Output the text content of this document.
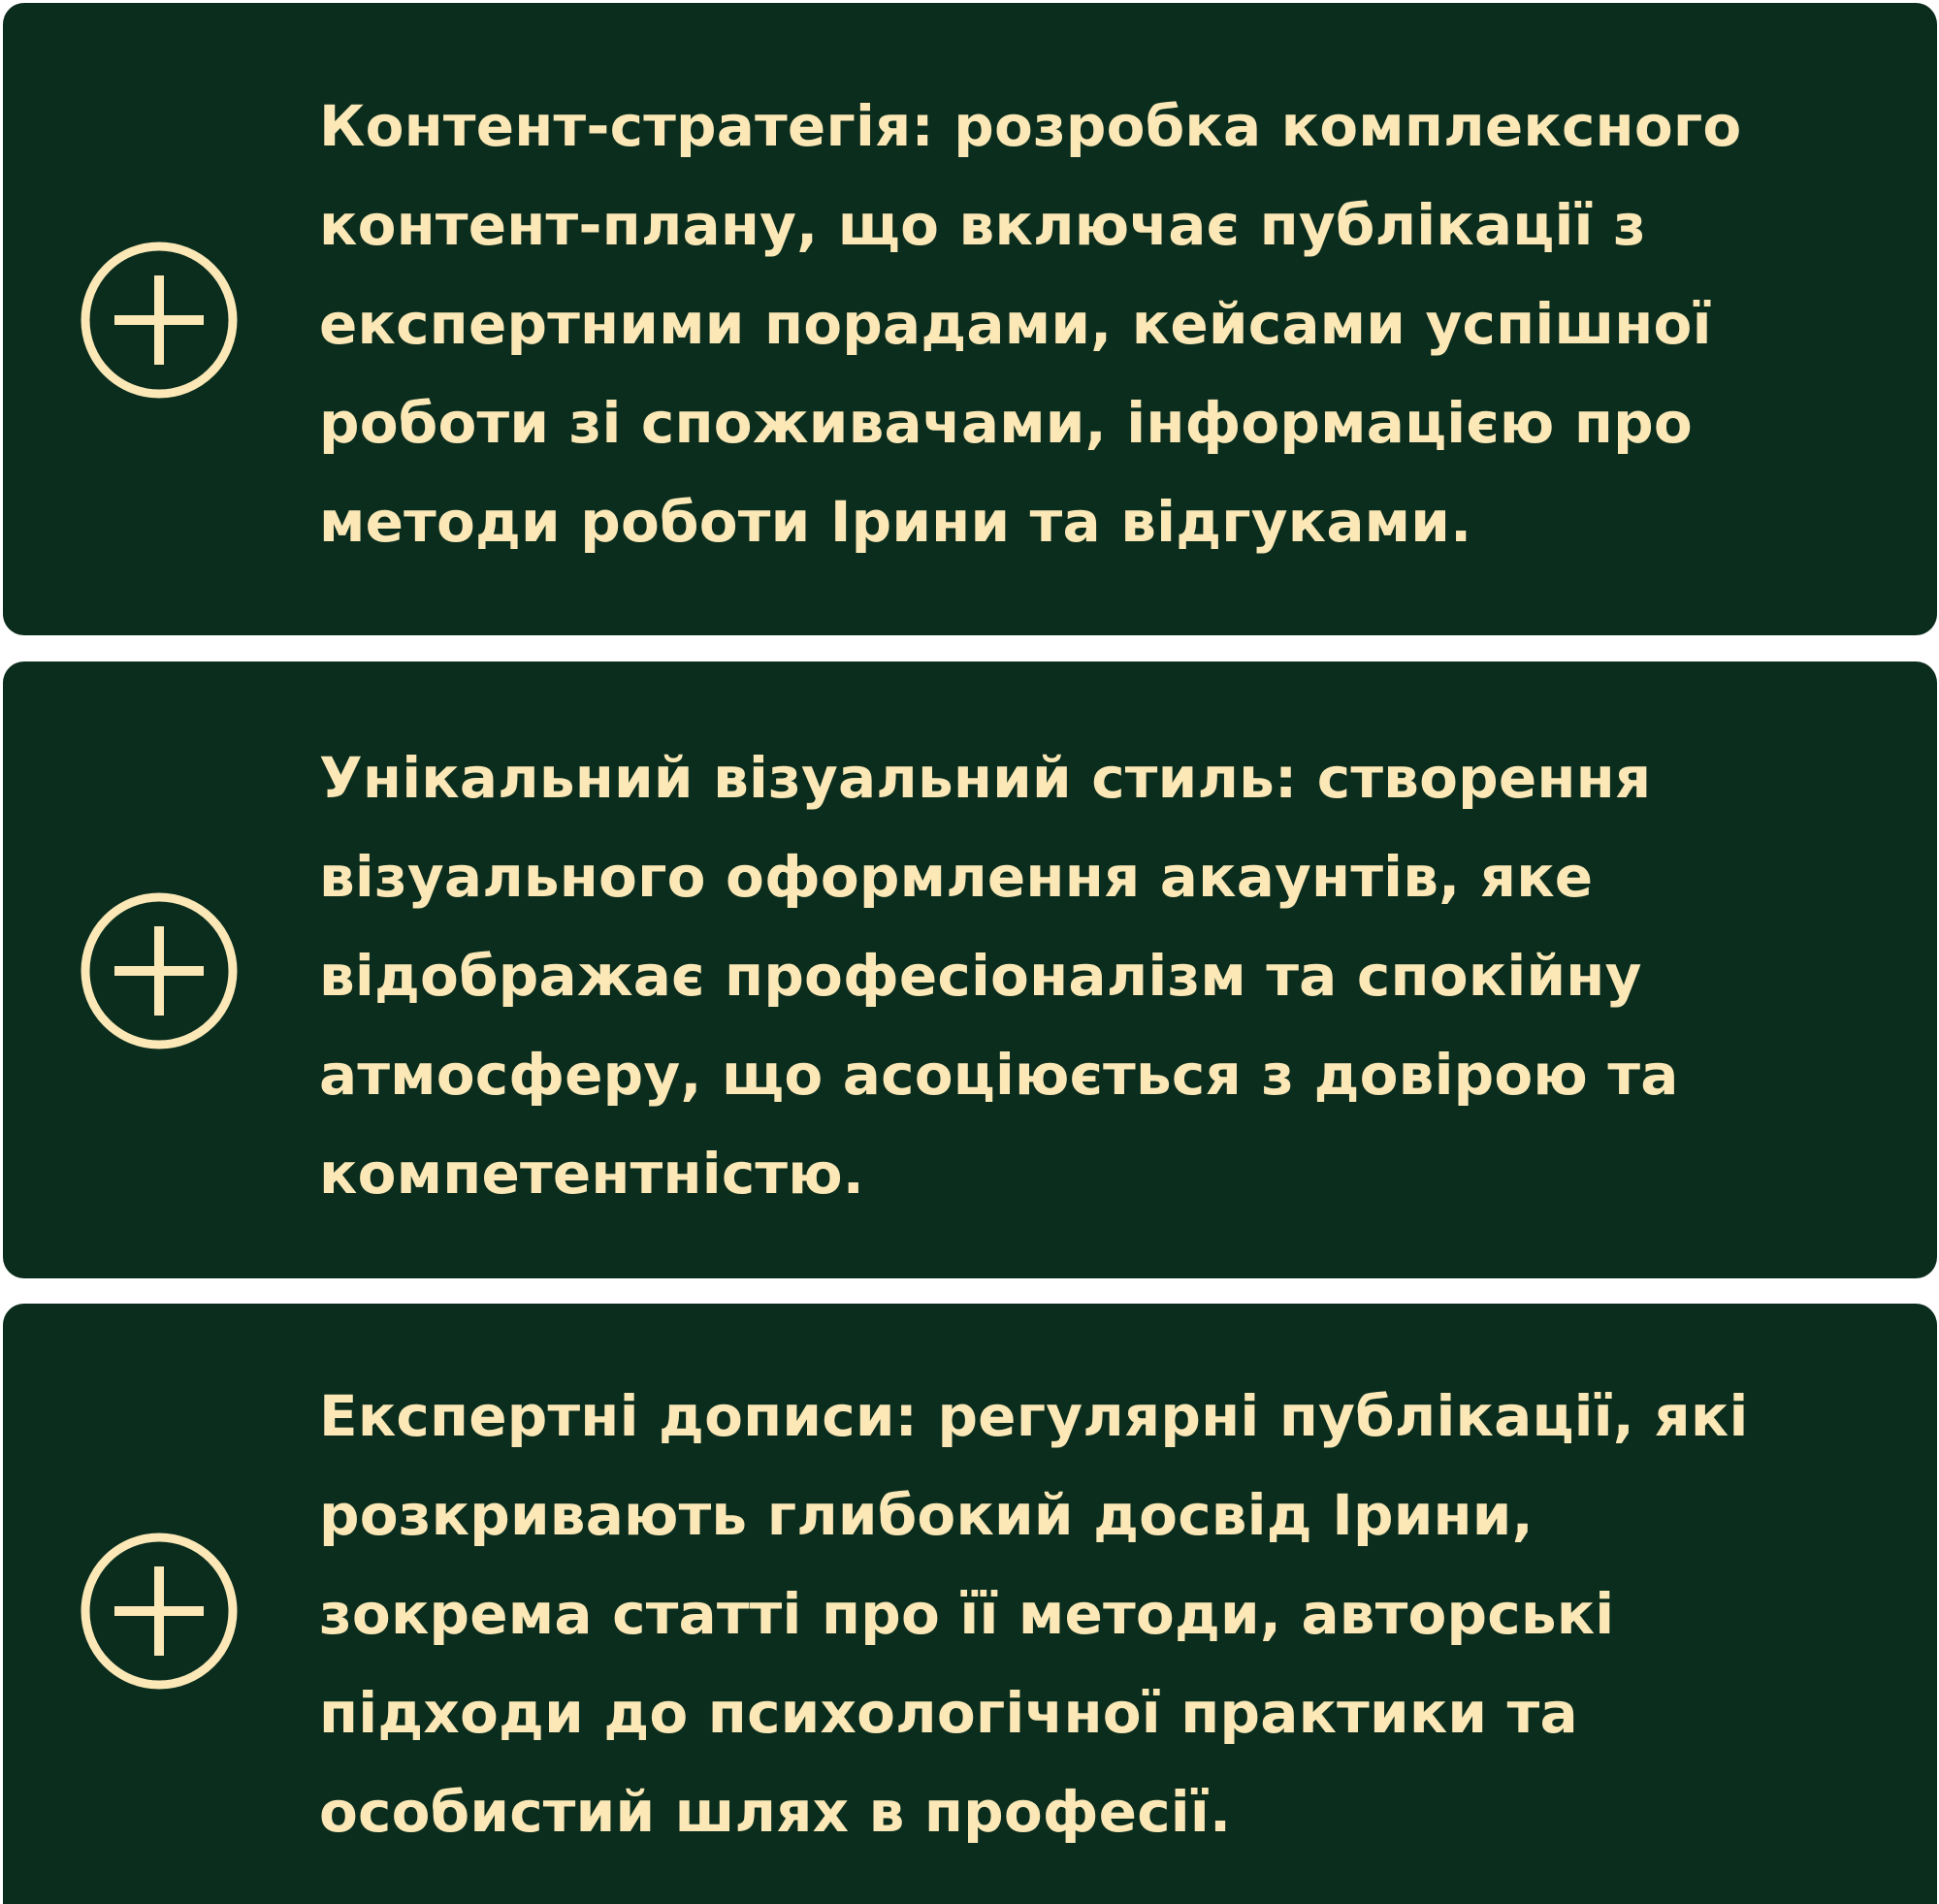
Контент-стратегія: розробка комплексного
контент-плану, що включає публікації з
експертними порадами, кейсами успішної
роботи зі споживачами, інформацією про
методи роботи Ірини та відгуками.

Унікальний візуальний стиль: створення
візуального оформлення акаунтів, яке
відображає професіоналізм та спокійну
атмосферу, що асоціюється з довірою та
компетентністю.

Експертні дописи: регулярні публікації, які
розкривають глибокий досвід Ірини,
зокрема статті про її методи, авторські
підходи до психологічної практики та
особистий шлях в професії.
